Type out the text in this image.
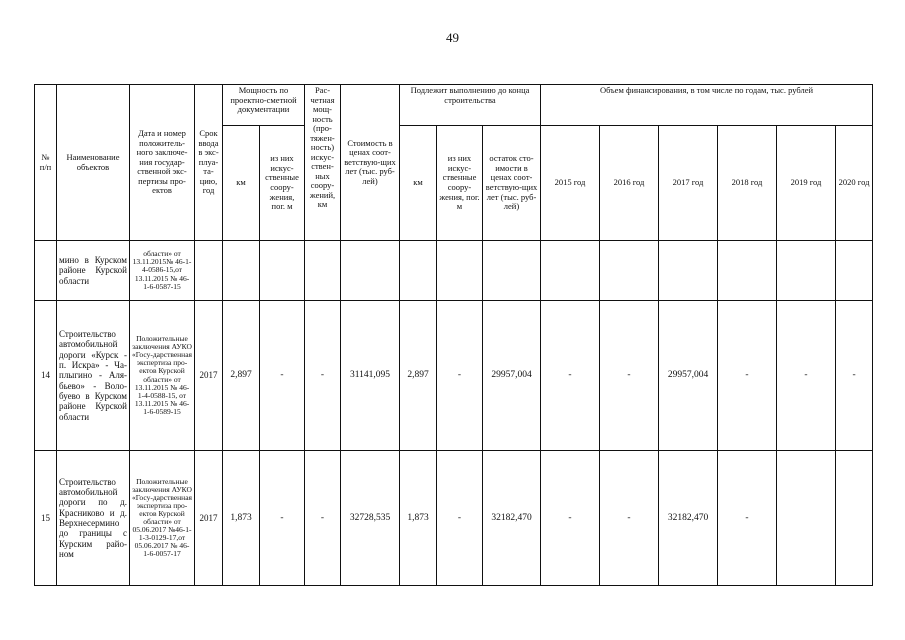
49
№ п/п	Наименование объектов	Дата и номер положитель-ного заключе-ния государ-ственной экс-пертизы про-ектов	Срок ввода в экс-плуа-та-цию, год	Мощность по проектно-сметной документации		Рас-четная мощ-ность (про-тяжен-ность) искус-ствен-ных соору-жений, км	Стоимость в ценах соот-ветствую-щих лет (тыс. руб-лей)	Подлежит выполнению до конца строительства			Объем финансирования, в том числе по годам, тыс. рублей					
				км	из них искус-ственные соору-жения, пог. м			км	из них искус-ственные соору-жения, пог. м	остаток сто-имости в ценах соот-ветствую-щих лет (тыс. руб-лей)	2015 год	2016 год	2017 год	2018 год	2019 год	2020 год
	мино в Курском районе Курской области	области» от 13.11.2015№ 46-1-4-0586-15,от 13.11.2015 № 46-1-6-0587-15														
14	Строительство автомобильной дороги «Курск - п. Искра» - Ча-плыгино - Аля-бьево» - Воло-буево в Курском районе Курской области	Положительные заключения АУКО «Госу-дарственная экспертиза про-ектов Курской области» от 13.11.2015 № 46-1-4-0588-15, от 13.11.2015 № 46-1-6-0589-15	2017	2,897	-	-	31141,095	2,897	-	29957,004	-	-	29957,004	-	-	-
15	Строительство автомобильной дороги по д. Красниково и д. Верхнесермино до границы с Курским райо-ном	Положительные заключения АУКО «Госу-дарственная экспертиза про-ектов Курской области» от 05.06.2017 №46-1-1-3-0129-17,от 05.06.2017 № 46-1-6-0057-17	2017	1,873	-	-	32728,535	1,873	-	32182,470	-	-	32182,470	-		
